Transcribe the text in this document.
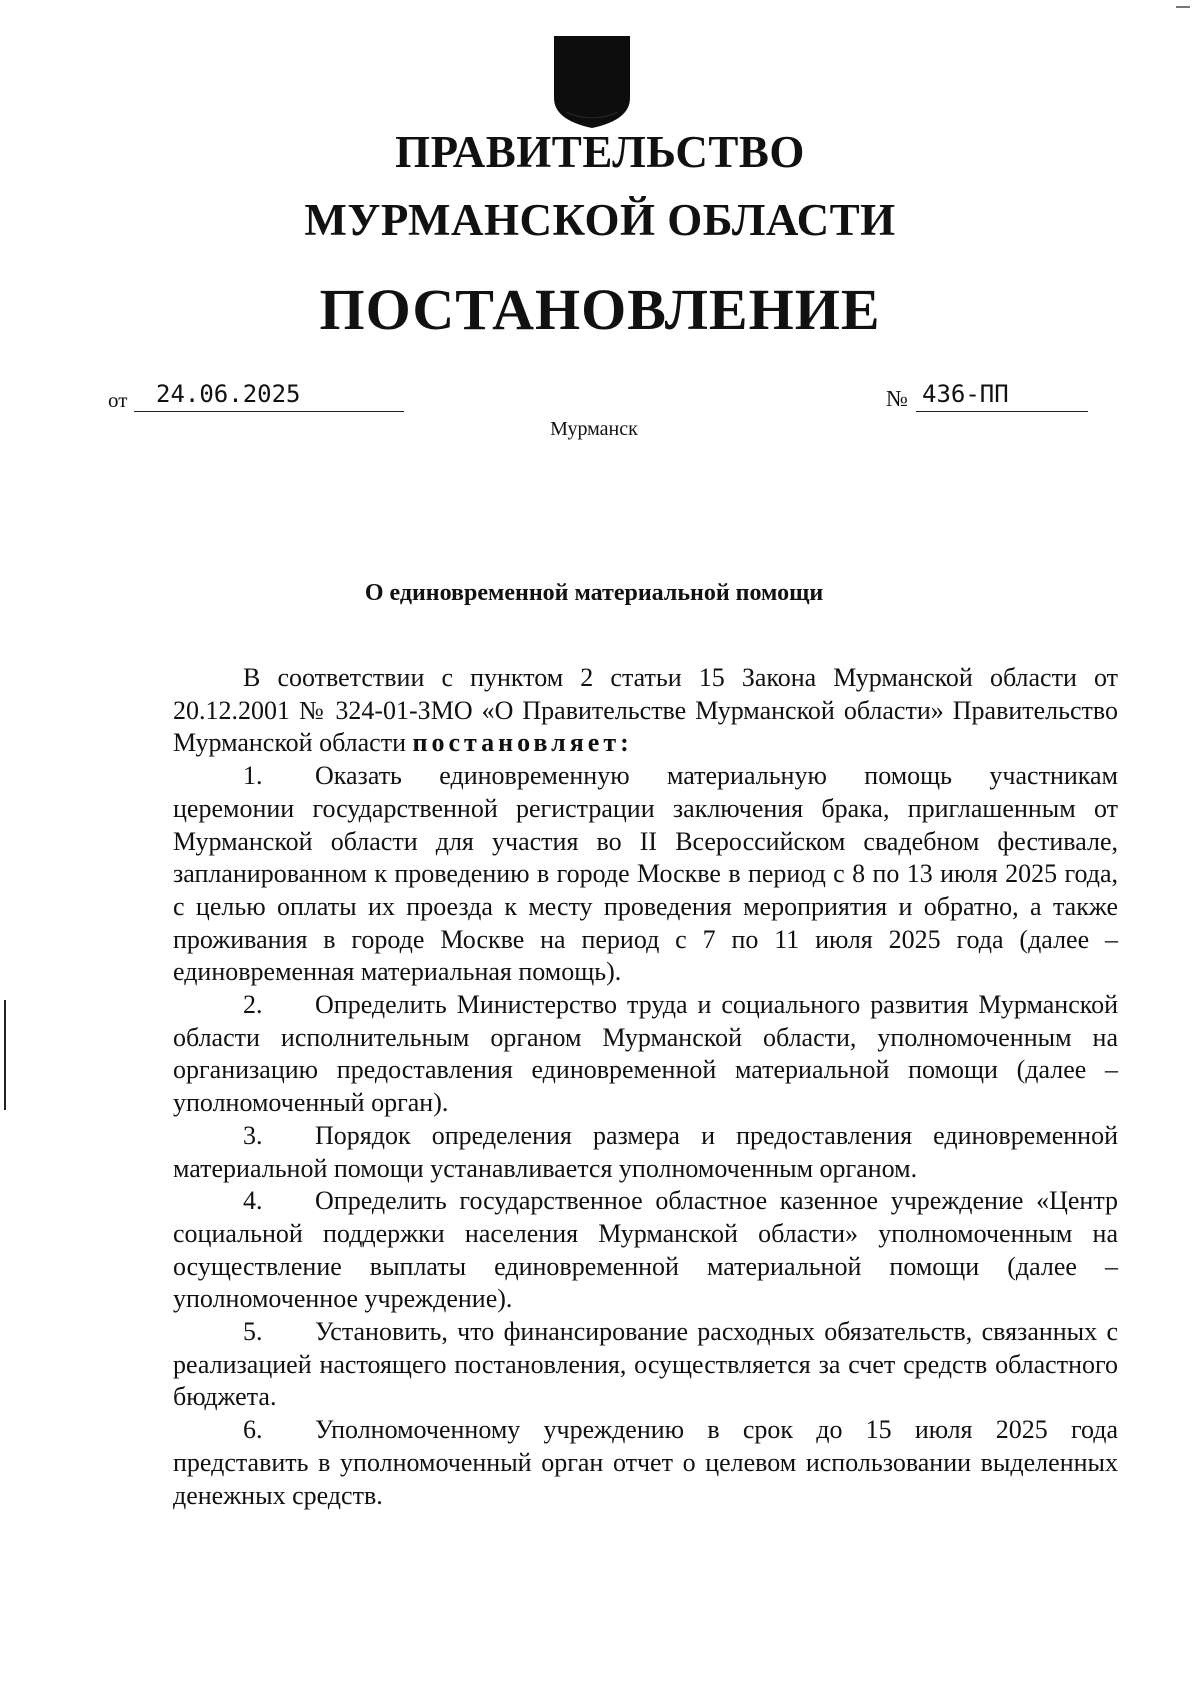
ПРАВИТЕЛЬСТВО
МУРМАНСКОЙ ОБЛАСТИ
ПОСТАНОВЛЕНИЕ
от	24.06.2025	№ 436-ПП
Мурманск
О единовременной материальной помощи

В соответствии с пунктом 2 статьи 15 Закона Мурманской области от 20.12.2001 № 324-01-ЗМО «О Правительстве Мурманской области» Правительство Мурманской области постановляет:

1. Оказать единовременную материальную помощь участникам церемонии государственной регистрации заключения брака, приглашенным от Мурманской области для участия во II Всероссийском свадебном фестивале, запланированном к проведению в городе Москве в период с 8 по 13 июля 2025 года, с целью оплаты их проезда к месту проведения мероприятия и обратно, а также проживания в городе Москве на период с 7 по 11 июля 2025 года (далее – единовременная материальная помощь).

2. Определить Министерство труда и социального развития Мурманской области исполнительным органом Мурманской области, уполномоченным на организацию предоставления единовременной материальной помощи (далее – уполномоченный орган).

3. Порядок определения размера и предоставления единовременной материальной помощи устанавливается уполномоченным органом.

4. Определить государственное областное казенное учреждение «Центр социальной поддержки населения Мурманской области» уполномоченным на осуществление выплаты единовременной материальной помощи (далее – уполномоченное учреждение).

5. Установить, что финансирование расходных обязательств, связанных с реализацией настоящего постановления, осуществляется за счет средств областного бюджета.

6. Уполномоченному учреждению в срок до 15 июля 2025 года представить в уполномоченный орган отчет о целевом использовании выделенных денежных средств.
